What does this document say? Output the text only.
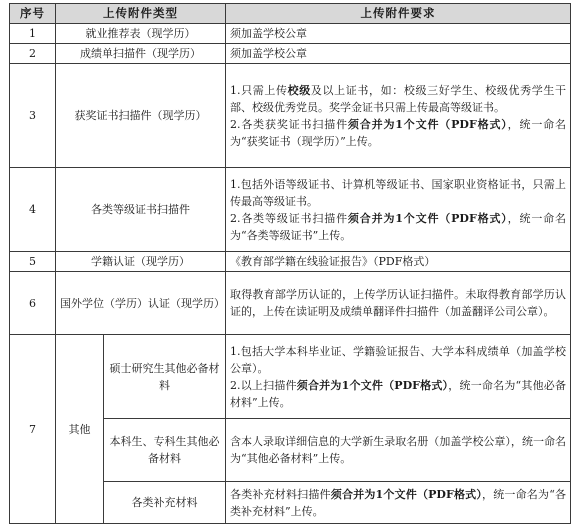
序号	上传附件类型		上传附件要求
1	就业推荐表（现学历）		须加盖学校公章
2	成绩单扫描件（现学历）		须加盖学校公章
3	获奖证书扫描件（现学历）		1.只需上传校级及以上证书，如：校级三好学生、校级优秀学生干部、校级优秀党员。奖学金证书只需上传最高等级证书。

2.各类获奖证书扫描件须合并为1个文件（PDF格式），统一命名为“获奖证书（现学历）”上传。

4	各类等级证书扫描件		1.包括外语等级证书、计算机等级证书、国家职业资格证书，只需上传最高等级证书。

2.各类等级证书扫描件须合并为1个文件（PDF格式），统一命名为“各类等级证书”上传。

5	学籍认证（现学历）		《教育部学籍在线验证报告》（PDF格式）
6	国外学位（学历）认证（现学历）		取得教育部学历认证的，上传学历认证扫描件。未取得教育部学历认证的，上传在读证明及成绩单翻译件扫描件（加盖翻译公司公章）。
7	其他	硕士研究生其他必备材料	1.包括大学本科毕业证、学籍验证报告、大学本科成绩单（加盖学校公章）。

2.以上扫描件须合并为1个文件（PDF格式），统一命名为“其他必备材料”上传。

		本科生、专科生其他必备材料	含本人录取详细信息的大学新生录取名册（加盖学校公章），统一命名为“其他必备材料”上传。
		各类补充材料	各类补充材料扫描件须合并为1个文件（PDF格式），统一命名为“各类补充材料”上传。
